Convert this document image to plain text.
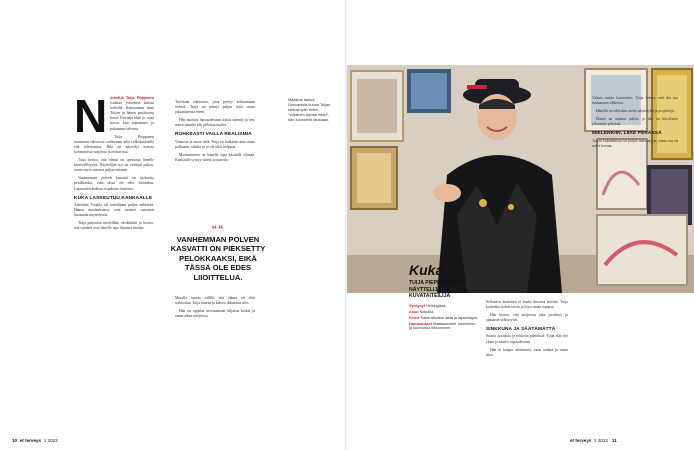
N äyttelijä Tuija Piepponen istahtaa ystävänsä kanssa kahville. Kanssamme istuu Tuijan ja hänen puolisonsa koira. Kuvaaja ehtii jo ottaa kuvia, kun nauramme ja puhumme talvesta.

Tuija Piepponen tunnetaan vahvoista rooleistaan sekä valkokankaalla että televisiossa. Hän on näytellyt useissa kotimaisissa sarjoissa ja elokuvissa.

Tuija kertoo, että elämä on opettanut hänelle kärsivällisyyttä. Näyttelijän työ on vaatinut paljon, mutta myös antanut paljon takaisin.

Vanhemman polven kasvatti on pieksetty pelokkaaksi, eikä tässä ole edes liioittelua. Lapsuuden kodissa ei puhuttu tunteista.

KUKA LASKEUTUU KANKAALLE

Äskettäin Tuijalla oli taiteilijana paljon nähtävää. Hänen maalauksensa ovat saaneet runsaasti huomiota näyttelyissä.

Tuija pukeutuu mielellään värikkäästi ja kertoo, että vaatteet ovat hänelle tapa ilmaista itseään.

Tarvitaan vahvuutta, jotta pystyy kohtaamaan itsensä. Tuija on tehnyt paljon töitä oman jaksamisensa eteen.

Hän muistaa lapsuudestaan tiukat säännöt ja sen, miten tunteita piti piilottaa muilta.

ROHKEASTI VAILLA REALISMIA

Vinnosta ja omaa tietä. Tuija on kulkenut aina omaa polkuaan, vaikka se ei ole ollut helppoa.

Maalaaminen on hänelle tapa käsitellä elämää. Kankaalle syntyy värejä ja tunteita.

““
VANHEMMAN POLVEN KASVATTI ON PIEKSETTY PELOKKAAKSI, EIKÄ TÄSSÄ OLE EDES LIIOITTELUA.

Minulla tuntuu välillä, että elämä on yhtä seikkailua. Tuija nauraa ja katsoo ikkunasta ulos.

Hän on oppinut arvostamaan hiljaisia hetkiä ja omaa aikaa ateljeessa.

Maalaus taulua Duncanista kuvaa Tuijan rakkaimpiin töihin, "sellainen lajinsa rebel", hän luonnehtii tauluaan.
10 et terveys 1 2022

Sellaisten kuulaiten ei kuulu ilmaista itseään. Tuija kuitenkin halusi toisin ja löysi oman tapansa.

Hän kertoo, että ateljeessa aika pysähtyy ja ajatukset selkiytyvät.

SINKKUNA JA SÄÄTÄMÄTTÄ

Suuria ajatuksia ja rohkeita päätöksiä. Tuija elää nyt yksin ja nauttii vapaudestaan.

Hän ei kaipaa säätämistä, vaan rauhaa ja omaa tilaa.

Kuka
TUIJA PIEPPONEN, 74, NÄYTTELIJÄ JA KUVATAITEILIJA
Syntynyt Helsingissä.
Asuu Nokialla.
Perhe Kaksi aikuista lasta ja lapsenlapsi.
Harrastukset Maalaaminen, lukeminen ja luonnossa liikkuminen.

Valmis uusiin haasteisiin. Tuija kertoo, että ikä tuo mukanaan rohkeutta.

Hänellä on edessään useita näyttelyitä ja projekteja.

Elämä on antanut paljon, ja hän on kiitollinen jokaisesta päivästä.

MIELENKIIN, LIIKE PERÄSSÄ

Tuijan kokoelmissa on paljon taulusarjoja, joista osa on esillä kotona.

et terveys 1 2022 11
